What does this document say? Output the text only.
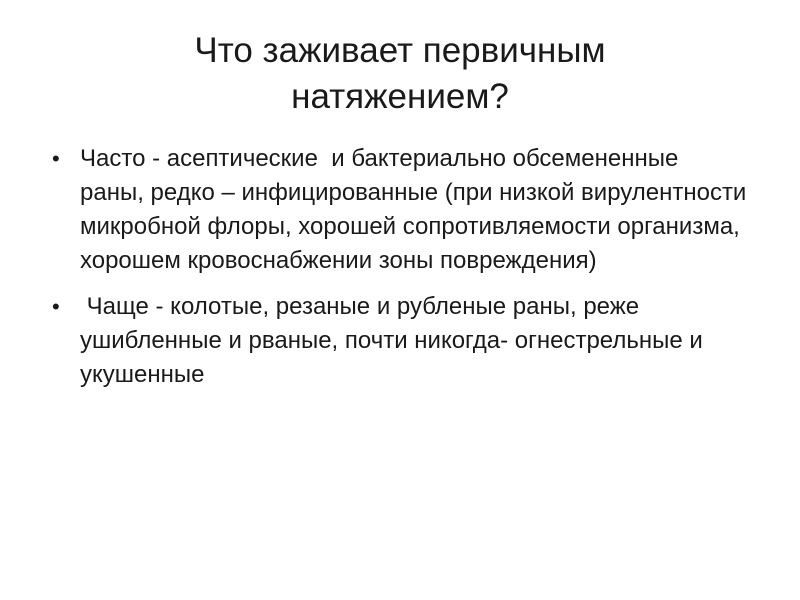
Что заживает первичным
натяжением?
• Часто - асептические  и бактериально обсемененные раны, редко – инфицированные (при низкой вирулентности микробной флоры, хорошей сопротивляемости организма, хорошем кровоснабжении зоны повреждения)
• Чаще - колотые, резаные и рубленые раны, реже  ушибленные и рваные, почти никогда- огнестрельные и укушенные
